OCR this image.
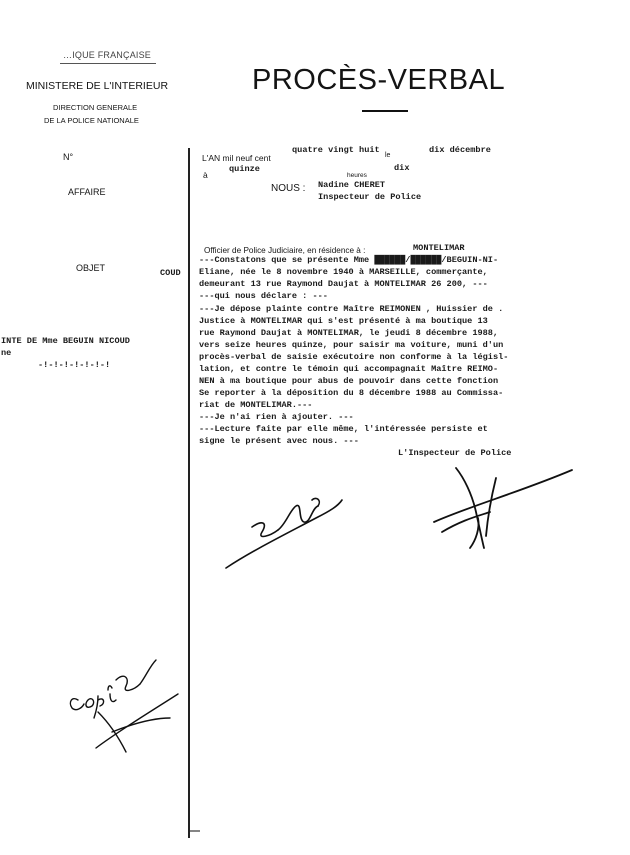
…IQUE FRANÇAISE
MINISTERE DE L'INTERIEUR
DIRECTION GENERALE
DE LA POLICE NATIONALE
PROCÈS-VERBAL
N°
AFFAIRE
OBJET	COUD
INTE DE Mme BEGUIN NICOUD
ne
-!-!-!-!-!-!-!
L'AN mil neuf cent
quatre vingt huit
le
dix décembre
à
quinze
heures
dix
NOUS : Nadine CHERET
Inspecteur de Police
Officier de Police Judiciaire, en résidence à :	MONTELIMAR
---Constatons que se présente Mme ██████/██████/BEGUIN-NI-
Eliane, née le 8 novembre 1940 à MARSEILLE, commerçante,
demeurant 13 rue Raymond Daujat à MONTELIMAR 26 200, ---
---qui nous déclare : ---
---Je dépose plainte contre Maître REIMONEN , Huissier de .
Justice à MONTELIMAR qui s'est présenté à ma boutique 13
rue Raymond Daujat à MONTELIMAR, le jeudi 8 décembre 1988,
vers seize heures quinze, pour saisir ma voiture, muni d'un
procès-verbal de saisie exécutoire non conforme à la législ-
lation, et contre le témoin qui accompagnait Maître REIMO-
NEN à ma boutique pour abus de pouvoir dans cette fonction
Se reporter à la déposition du 8 décembre 1988 au Commissa-
riat de MONTELIMAR.---
---Je n'ai rien à ajouter. ---
---Lecture faite par elle même, l'intéressée persiste et
signe le présent avec nous. ---
L'Inspecteur de Police
